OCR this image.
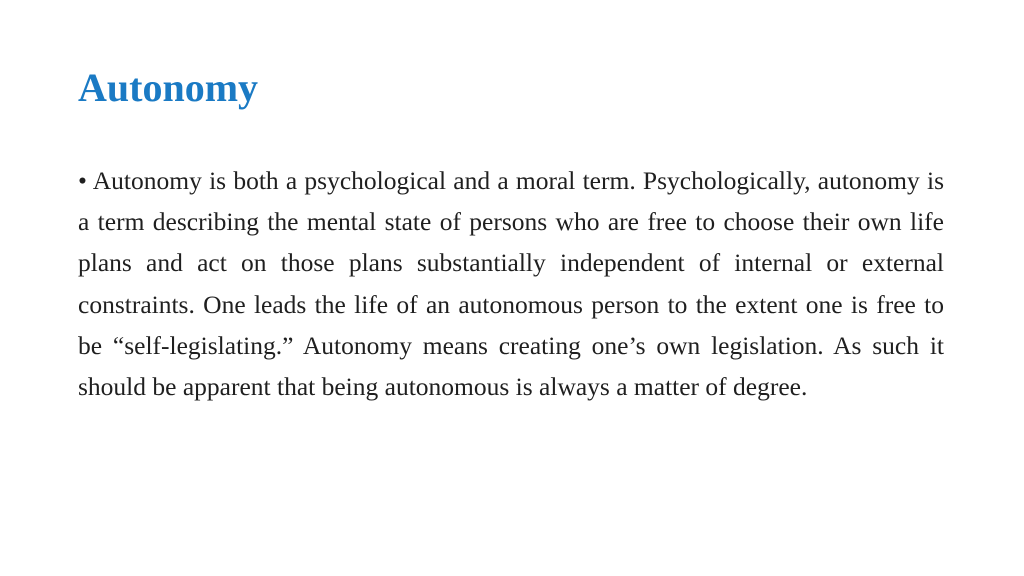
Autonomy

• Autonomy is both a psychological and a moral term. Psychologically, autonomy is a term describing the mental state of persons who are free to choose their own life plans and act on those plans substantially independent of internal or external constraints. One leads the life of an autonomous person to the extent one is free to be “self-legislating.” Autonomy means creating one’s own legislation. As such it should be apparent that being autonomous is always a matter of degree.
